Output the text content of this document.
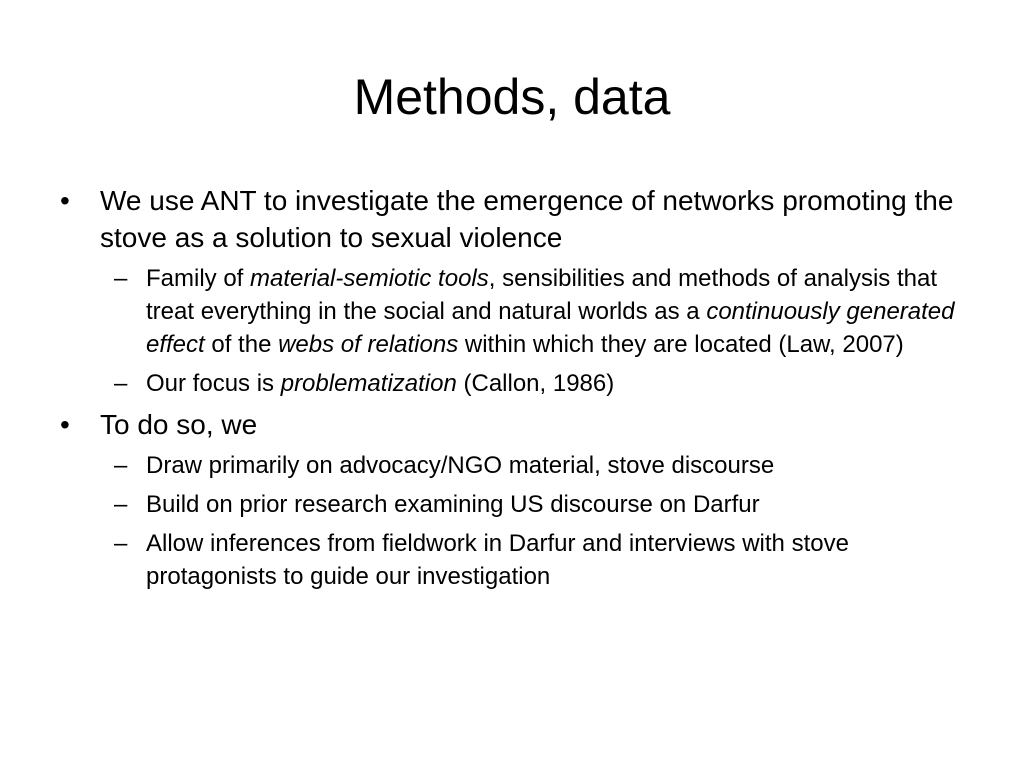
Methods, data
• We use ANT to investigate the emergence of networks promoting the stove as a solution to sexual violence
– Family of material-semiotic tools, sensibilities and methods of analysis that treat everything in the social and natural worlds as a continuously generated effect of the webs of relations within which they are located (Law, 2007)
– Our focus is problematization (Callon, 1986)
• To do so, we
– Draw primarily on advocacy/NGO material, stove discourse
– Build on prior research examining US discourse on Darfur
– Allow inferences from fieldwork in Darfur and interviews with stove protagonists to guide our investigation
